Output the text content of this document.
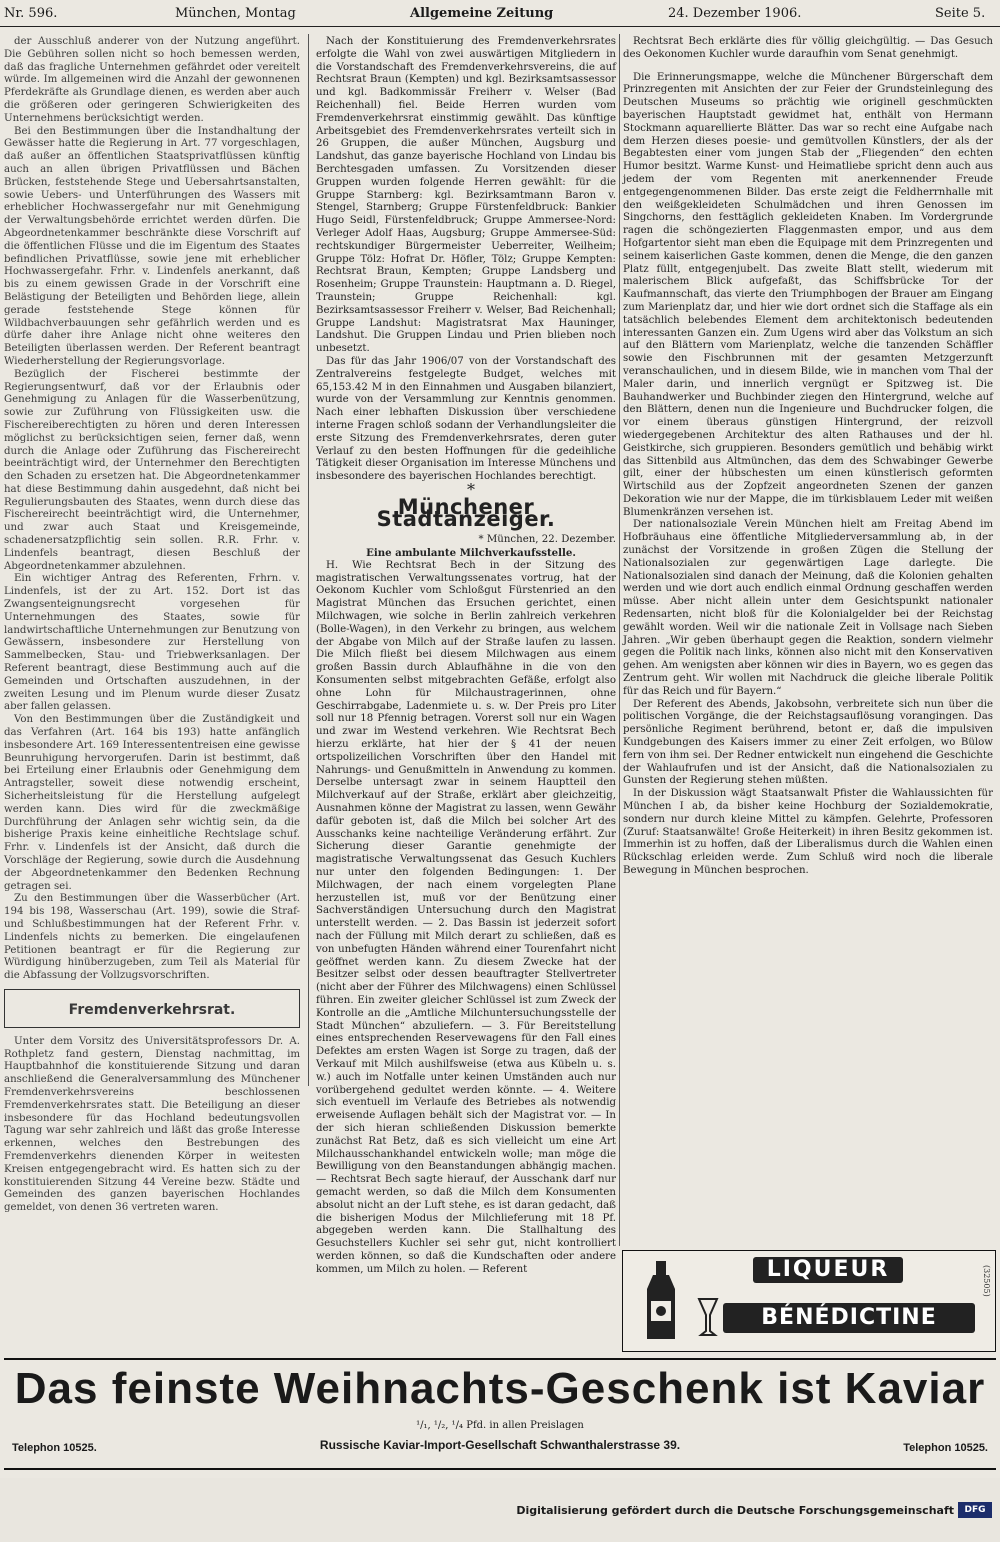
Nr. 596.	München, Montag	Allgemeine Zeitung	24. Dezember 1906.	Seite 5.

der Ausschluß anderer von der Nutzung angeführt. Die Gebühren sollen nicht so hoch bemessen werden, daß das fragliche Unternehmen gefährdet oder vereitelt würde. Im allgemeinen wird die Anzahl der gewonnenen Pferdekräfte als Grundlage dienen, es werden aber auch die größeren oder geringeren Schwierigkeiten des Unternehmens berücksichtigt werden.

Bei den Bestimmungen über die Instandhaltung der Gewässer hatte die Regierung in Art. 77 vorgeschlagen, daß außer an öffentlichen Staatsprivatflüssen künftig auch an allen übrigen Privatflüssen und Bächen Brücken, feststehende Stege und Uebersahrtsanstalten, sowie Uebers- und Unterführungen des Wassers mit erheblicher Hochwassergefahr nur mit Genehmigung der Verwaltungsbehörde errichtet werden dürfen. Die Abgeordnetenkammer beschränkte diese Vorschrift auf die öffentlichen Flüsse und die im Eigentum des Staates befindlichen Privatflüsse, sowie jene mit erheblicher Hochwassergefahr. Frhr. v. Lindenfels anerkannt, daß bis zu einem gewissen Grade in der Vorschrift eine Belästigung der Beteiligten und Behörden liege, allein gerade feststehende Stege können für Wildbachverbauungen sehr gefährlich werden und es dürfe daher ihre Anlage nicht ohne weiteres den Beteiligten überlassen werden. Der Referent beantragt Wiederherstellung der Regierungsvorlage.

Bezüglich der Fischerei bestimmte der Regierungsentwurf, daß vor der Erlaubnis oder Genehmigung zu Anlagen für die Wasserbenützung, sowie zur Zuführung von Flüssigkeiten usw. die Fischereiberechtigten zu hören und deren Interessen möglichst zu berücksichtigen seien, ferner daß, wenn durch die Anlage oder Zuführung das Fischereirecht beeinträchtigt wird, der Unternehmer den Berechtigten den Schaden zu ersetzen hat. Die Abgeordnetenkammer hat diese Bestimmung dahin ausgedehnt, daß nicht bei Regulierungsbauten des Staates, wenn durch diese das Fischereirecht beeinträchtigt wird, die Unternehmer, und zwar auch Staat und Kreisgemeinde, schadenersatzpflichtig sein sollen. R.R. Frhr. v. Lindenfels beantragt, diesen Beschluß der Abgeordnetenkammer abzulehnen.

Ein wichtiger Antrag des Referenten, Frhrn. v. Lindenfels, ist der zu Art. 152. Dort ist das Zwangsenteignungsrecht vorgesehen für Unternehmungen des Staates, sowie für landwirtschaftliche Unternehmungen zur Benutzung von Gewässern, insbesondere zur Herstellung von Sammelbecken, Stau- und Triebwerksanlagen. Der Referent beantragt, diese Bestimmung auch auf die Gemeinden und Ortschaften auszudehnen, in der zweiten Lesung und im Plenum wurde dieser Zusatz aber fallen gelassen.

Von den Bestimmungen über die Zuständigkeit und das Verfahren (Art. 164 bis 193) hatte anfänglich insbesondere Art. 169 Interessententreisen eine gewisse Beunruhigung hervorgerufen. Darin ist bestimmt, daß bei Erteilung einer Erlaubnis oder Genehmigung dem Antragsteller, soweit diese notwendig erscheint, Sicherheitsleistung für die Herstellung aufgelegt werden kann. Dies wird für die zweckmäßige Durchführung der Anlagen sehr wichtig sein, da die bisherige Praxis keine einheitliche Rechtslage schuf. Frhr. v. Lindenfels ist der Ansicht, daß durch die Vorschläge der Regierung, sowie durch die Ausdehnung der Abgeordnetenkammer den Bedenken Rechnung getragen sei.

Zu den Bestimmungen über die Wasserbücher (Art. 194 bis 198, Wasserschau (Art. 199), sowie die Straf- und Schlußbestimmungen hat der Referent Frhr. v. Lindenfels nichts zu bemerken. Die eingelaufenen Petitionen beantragt er für die Regierung zur Würdigung hinüberzugeben, zum Teil als Material für die Abfassung der Vollzugsvorschriften.

Fremdenverkehrsrat.

Unter dem Vorsitz des Universitätsprofessors Dr. A. Rothpletz fand gestern, Dienstag nachmittag, im Hauptbahnhof die konstituierende Sitzung und daran anschließend die Generalversammlung des Münchener Fremdenverkehrsvereins beschlossenen Fremdenverkehrsrates statt. Die Beteiligung an dieser insbesondere für das Hochland bedeutungsvollen Tagung war sehr zahlreich und läßt das große Interesse erkennen, welches den Bestrebungen des Fremdenverkehrs dienenden Körper in weitesten Kreisen entgegengebracht wird. Es hatten sich zu der konstituierenden Sitzung 44 Vereine bezw. Städte und Gemeinden des ganzen bayerischen Hochlandes gemeldet, von denen 36 vertreten waren.

Nach der Konstituierung des Fremdenverkehrsrates erfolgte die Wahl von zwei auswärtigen Mitgliedern in die Vorstandschaft des Fremdenverkehrsvereins, die auf Rechtsrat Braun (Kempten) und kgl. Bezirksamtsassessor und kgl. Badkommissär Freiherr v. Welser (Bad Reichenhall) fiel. Beide Herren wurden vom Fremdenverkehrsrat einstimmig gewählt. Das künftige Arbeitsgebiet des Fremdenverkehrsrates verteilt sich in 26 Gruppen, die außer München, Augsburg und Landshut, das ganze bayerische Hochland von Lindau bis Berchtesgaden umfassen. Zu Vorsitzenden dieser Gruppen wurden folgende Herren gewählt: für die Gruppe Starnberg: kgl. Bezirksamtmann Baron v. Stengel, Starnberg; Gruppe Fürstenfeldbruck: Bankier Hugo Seidl, Fürstenfeldbruck; Gruppe Ammersee-Nord: Verleger Adolf Haas, Augsburg; Gruppe Ammersee-Süd: rechtskundiger Bürgermeister Ueberreiter, Weilheim; Gruppe Tölz: Hofrat Dr. Höfler, Tölz; Gruppe Kempten: Rechtsrat Braun, Kempten; Gruppe Landsberg und Rosenheim; Gruppe Traunstein: Hauptmann a. D. Riegel, Traunstein; Gruppe Reichenhall: kgl. Bezirksamtsassessor Freiherr v. Welser, Bad Reichenhall; Gruppe Landshut: Magistratsrat Max Hauninger, Landshut. Die Gruppen Lindau und Prien blieben noch unbesetzt.

Das für das Jahr 1906/07 von der Vorstandschaft des Zentralvereins festgelegte Budget, welches mit 65,153.42 M in den Einnahmen und Ausgaben bilanziert, wurde von der Versammlung zur Kenntnis genommen. Nach einer lebhaften Diskussion über verschiedene interne Fragen schloß sodann der Verhandlungsleiter die erste Sitzung des Fremdenverkehrsrates, deren guter Verlauf zu den besten Hoffnungen für die gedeihliche Tätigkeit dieser Organisation im Interesse Münchens und insbesondere des bayerischen Hochlandes berechtigt.

*

Münchener Stadtanzeiger.

* München, 22. Dezember.

Eine ambulante Milchverkaufsstelle.

H. Wie Rechtsrat Bech in der Sitzung des magistratischen Verwaltungssenates vortrug, hat der Oekonom Kuchler vom Schloßgut Fürstenried an den Magistrat München das Ersuchen gerichtet, einen Milchwagen, wie solche in Berlin zahlreich verkehren (Bolle-Wagen), in den Verkehr zu bringen, aus welchem der Abgabe von Milch auf der Straße laufen zu lassen. Die Milch fließt bei diesem Milchwagen aus einem großen Bassin durch Ablaufhähne in die von den Konsumenten selbst mitgebrachten Gefäße, erfolgt also ohne Lohn für Milchaustragerinnen, ohne Geschirrabgabe, Ladenmiete u. s. w. Der Preis pro Liter soll nur 18 Pfennig betragen. Vorerst soll nur ein Wagen und zwar im Westend verkehren. Wie Rechtsrat Bech hierzu erklärte, hat hier der § 41 der neuen ortspolizeilichen Vorschriften über den Handel mit Nahrungs- und Genußmitteln in Anwendung zu kommen. Derselbe untersagt zwar in seinem Hauptteil den Milchverkauf auf der Straße, erklärt aber gleichzeitig, Ausnahmen könne der Magistrat zu lassen, wenn Gewähr dafür geboten ist, daß die Milch bei solcher Art des Ausschanks keine nachteilige Veränderung erfährt. Zur Sicherung dieser Garantie genehmigte der magistratische Verwaltungssenat das Gesuch Kuchlers nur unter den folgenden Bedingungen: 1. Der Milchwagen, der nach einem vorgelegten Plane herzustellen ist, muß vor der Benützung einer Sachverständigen Untersuchung durch den Magistrat unterstellt werden. — 2. Das Bassin ist jederzeit sofort nach der Füllung mit Milch derart zu schließen, daß es von unbefugten Händen während einer Tourenfahrt nicht geöffnet werden kann. Zu diesem Zwecke hat der Besitzer selbst oder dessen beauftragter Stellvertreter (nicht aber der Führer des Milchwagens) einen Schlüssel führen. Ein zweiter gleicher Schlüssel ist zum Zweck der Kontrolle an die „Amtliche Milchuntersuchungsstelle der Stadt München“ abzuliefern. — 3. Für Bereitstellung eines entsprechenden Reservewagens für den Fall eines Defektes am ersten Wagen ist Sorge zu tragen, daß der Verkauf mit Milch aushilfsweise (etwa aus Kübeln u. s. w.) auch im Notfalle unter keinen Umständen auch nur vorübergehend gedultet werden könnte. — 4. Weitere sich eventuell im Verlaufe des Betriebes als notwendig erweisende Auflagen behält sich der Magistrat vor. — In der sich hieran schließenden Diskussion bemerkte zunächst Rat Betz, daß es sich vielleicht um eine Art Milchausschankhandel entwickeln wolle; man möge die Bewilligung von den Beanstandungen abhängig machen. — Rechtsrat Bech sagte hierauf, der Ausschank darf nur gemacht werden, so daß die Milch dem Konsumenten absolut nicht an der Luft stehe, es ist daran gedacht, daß die bisherigen Modus der Milchlieferung mit 18 Pf. abgegeben werden kann. Die Stallhaltung des Gesuchstellers Kuchler sei sehr gut, nicht kontrolliert werden können, so daß die Kundschaften oder andere kommen, um Milch zu holen. — Referent

Rechtsrat Bech erklärte dies für völlig gleichgültig. — Das Gesuch des Oekonomen Kuchler wurde daraufhin vom Senat genehmigt.

Die Erinnerungsmappe, welche die Münchener Bürgerschaft dem Prinzregenten mit Ansichten der zur Feier der Grundsteinlegung des Deutschen Museums so prächtig wie originell geschmückten bayerischen Hauptstadt gewidmet hat, enthält von Hermann Stockmann aquarellierte Blätter. Das war so recht eine Aufgabe nach dem Herzen dieses poesie- und gemütvollen Künstlers, der als der Begabtesten einer vom jungen Stab der „Fliegenden“ den echten Humor besitzt. Warme Kunst- und Heimatliebe spricht denn auch aus jedem der vom Regenten mit anerkennender Freude entgegengenommenen Bilder. Das erste zeigt die Feldherrnhalle mit den weißgekleideten Schulmädchen und ihren Genossen im Singchorns, den festtäglich gekleideten Knaben. Im Vordergrunde ragen die schöngezierten Flaggenmasten empor, und aus dem Hofgartentor sieht man eben die Equipage mit dem Prinzregenten und seinem kaiserlichen Gaste kommen, denen die Menge, die den ganzen Platz füllt, entgegenjubelt. Das zweite Blatt stellt, wiederum mit malerischem Blick aufgefaßt, das Schiffsbrücke Tor der Kaufmannschaft, das vierte den Triumphbogen der Brauer am Eingang zum Marienplatz dar, und hier wie dort ordnet sich die Staffage als ein tatsächlich belebendes Element dem architektonisch bedeutenden interessanten Ganzen ein. Zum Ugens wird aber das Volkstum an sich auf den Blättern vom Marienplatz, welche die tanzenden Schäffler sowie den Fischbrunnen mit der gesamten Metzgerzunft veranschaulichen, und in diesem Bilde, wie in manchen vom Thal der Maler darin, und innerlich vergnügt er Spitzweg ist. Die Bauhandwerker und Buchbinder ziegen den Hintergrund, welche auf den Blättern, denen nun die Ingenieure und Buchdrucker folgen, die vor einem überaus günstigen Hintergrund, der reizvoll wiedergegebenen Architektur des alten Rathauses und der hl. Geistkirche, sich gruppieren. Besonders gemütlich und behäbig wirkt das Sittenbild aus Altmünchen, das dem des Schwabinger Gewerbe gilt, einer der hübschesten um einen künstlerisch geformten Wirtschild aus der Zopfzeit angeordneten Szenen der ganzen Dekoration wie nur der Mappe, die im türkisblauem Leder mit weißen Blumenkränzen versehen ist.

Der nationalsoziale Verein München hielt am Freitag Abend im Hofbräuhaus eine öffentliche Mitgliederversammlung ab, in der zunächst der Vorsitzende in großen Zügen die Stellung der Nationalsozialen zur gegenwärtigen Lage darlegte. Die Nationalsozialen sind danach der Meinung, daß die Kolonien gehalten werden und wie dort auch endlich einmal Ordnung geschaffen werden müsse. Aber nicht allein unter dem Gesichtspunkt nationaler Redensarten, nicht bloß für die Kolonialgelder bei der Reichstag gewählt worden. Weil wir die nationale Zeit in Vollsage nach Sieben Jahren. „Wir geben überhaupt gegen die Reaktion, sondern vielmehr gegen die Politik nach links, können also nicht mit den Konservativen gehen. Am wenigsten aber können wir dies in Bayern, wo es gegen das Zentrum geht. Wir wollen mit Nachdruck die gleiche liberale Politik für das Reich und für Bayern.“

Der Referent des Abends, Jakobsohn, verbreitete sich nun über die politischen Vorgänge, die der Reichstagsauflösung vorangingen. Das persönliche Regiment berührend, betont er, daß die impulsiven Kundgebungen des Kaisers immer zu einer Zeit erfolgen, wo Bülow fern von ihm sei. Der Redner entwickelt nun eingehend die Geschichte der Wahlaufrufen und ist der Ansicht, daß die Nationalsozialen zu Gunsten der Regierung stehen müßten.

In der Diskussion wägt Staatsanwalt Pfister die Wahlaussichten für München I ab, da bisher keine Hochburg der Sozialdemokratie, sondern nur durch kleine Mittel zu kämpfen. Gelehrte, Professoren (Zuruf: Staatsanwälte! Große Heiterkeit) in ihren Besitz gekommen ist. Immerhin ist zu hoffen, daß der Liberalismus durch die Wahlen einen Rückschlag erleiden werde. Zum Schluß wird noch die liberale Bewegung in München besprochen.

LIQUEUR
BÉNÉDICTINE
(32505)
Das feinste Weihnachts-Geschenk ist Kaviar
¹/₁, ¹/₂, ¹/₄ Pfd. in allen Preislagen
Russische Kaviar-Import-Gesellschaft Schwanthalerstrasse 39.
Telephon 10525.	Telephon 10525.
Digitalisierung gefördert durch die Deutsche Forschungsgemeinschaft	DFG
